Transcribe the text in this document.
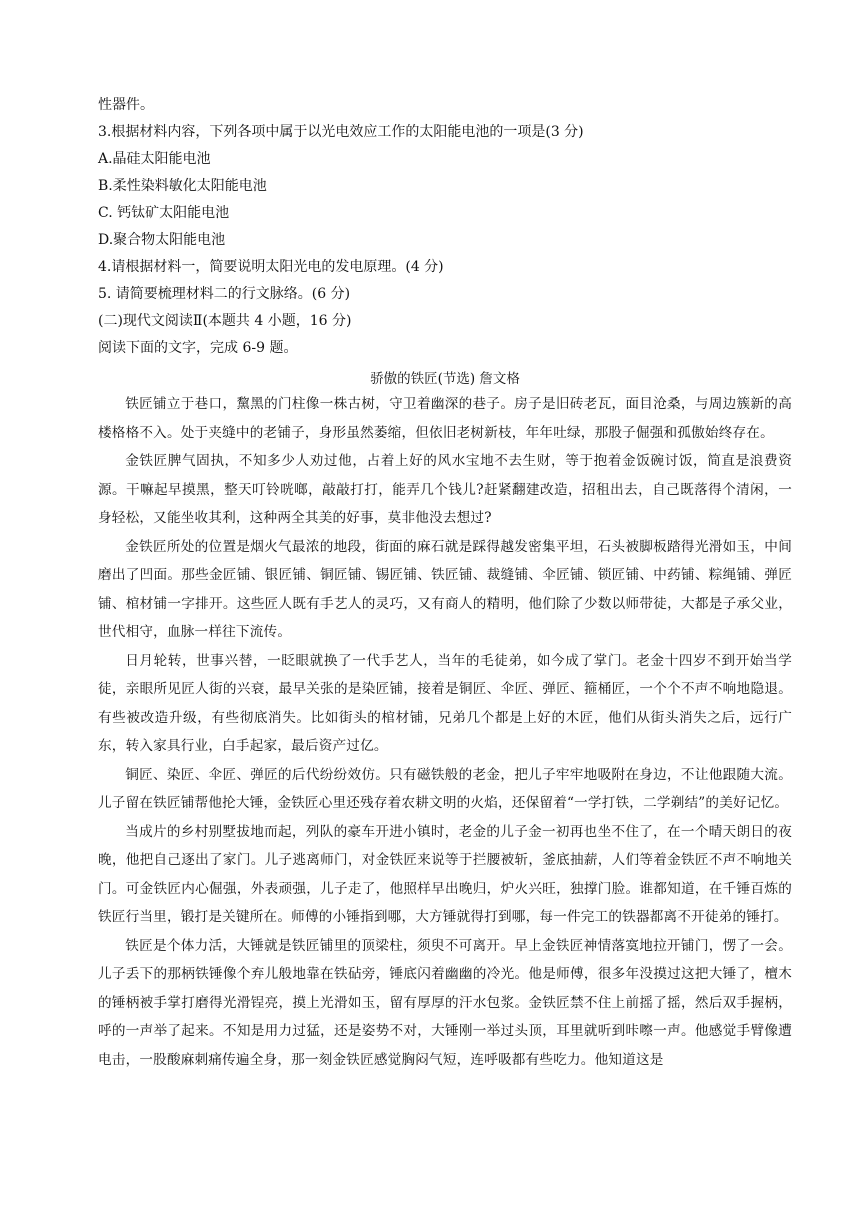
性器件。

3.根据材料内容，下列各项中属于以光电效应工作的太阳能电池的一项是(3 分)

A.晶硅太阳能电池

B.柔性染料敏化太阳能电池

C. 钙钛矿太阳能电池

D.聚合物太阳能电池

4.请根据材料一，简要说明太阳光电的发电原理。(4 分)

5. 请简要梳理材料二的行文脉络。(6 分)

(二)现代文阅读Ⅱ(本题共 4 小题，16 分)

阅读下面的文字，完成 6-9 题。

骄傲的铁匠(节选) 詹文格

铁匠铺立于巷口，黧黑的门柱像一株古树，守卫着幽深的巷子。房子是旧砖老瓦，面目沧桑，与周边簇新的高楼格格不入。处于夹缝中的老铺子，身形虽然萎缩，但依旧老树新枝，年年吐绿，那股子倔强和孤傲始终存在。

金铁匠脾气固执，不知多少人劝过他，占着上好的风水宝地不去生财，等于抱着金饭碗讨饭，简直是浪费资源。干嘛起早摸黑，整天叮铃咣啷，敲敲打打，能弄几个钱儿?赶紧翻建改造，招租出去，自己既落得个清闲，一身轻松，又能坐收其利，这种两全其美的好事，莫非他没去想过?

金铁匠所处的位置是烟火气最浓的地段，街面的麻石就是踩得越发密集平坦，石头被脚板踏得光滑如玉，中间磨出了凹面。那些金匠铺、银匠铺、铜匠铺、锡匠铺、铁匠铺、裁缝铺、伞匠铺、锁匠铺、中药铺、粽绳铺、弹匠铺、棺材铺一字排开。这些匠人既有手艺人的灵巧，又有商人的精明，他们除了少数以师带徒，大都是子承父业，世代相守，血脉一样往下流传。

日月轮转，世事兴替，一眨眼就换了一代手艺人，当年的毛徒弟，如今成了掌门。老金十四岁不到开始当学徒，亲眼所见匠人街的兴衰，最早关张的是染匠铺，接着是铜匠、伞匠、弹匠、箍桶匠，一个个不声不响地隐退。有些被改造升级，有些彻底消失。比如街头的棺材铺，兄弟几个都是上好的木匠，他们从街头消失之后，远行广东，转入家具行业，白手起家，最后资产过亿。

铜匠、染匠、伞匠、弹匠的后代纷纷效仿。只有磁铁般的老金，把儿子牢牢地吸附在身边，不让他跟随大流。儿子留在铁匠铺帮他抡大锤，金铁匠心里还残存着农耕文明的火焰，还保留着“一学打铁，二学剃结”的美好记忆。

当成片的乡村别墅拔地而起，列队的豪车开进小镇时，老金的儿子金一初再也坐不住了，在一个晴天朗日的夜晚，他把自己逐出了家门。儿子逃离师门，对金铁匠来说等于拦腰被斩，釜底抽薪，人们等着金铁匠不声不响地关门。可金铁匠内心倔强，外表顽强，儿子走了，他照样早出晚归，炉火兴旺，独撑门脸。谁都知道，在千锤百炼的铁匠行当里，锻打是关键所在。师傅的小锤指到哪，大方锤就得打到哪，每一件完工的铁器都离不开徒弟的锤打。

铁匠是个体力活，大锤就是铁匠铺里的顶梁柱，须臾不可离开。早上金铁匠神情落寞地拉开铺门，愣了一会。儿子丢下的那柄铁锤像个弃儿般地靠在铁砧旁，锤底闪着幽幽的冷光。他是师傅，很多年没摸过这把大锤了，檀木的锤柄被手掌打磨得光滑锃亮，摸上光滑如玉，留有厚厚的汗水包浆。金铁匠禁不住上前摇了摇，然后双手握柄，呼的一声举了起来。不知是用力过猛，还是姿势不对，大锤刚一举过头顶，耳里就听到咔嚓一声。他感觉手臂像遭电击，一股酸麻刺痛传遍全身，那一刻金铁匠感觉胸闷气短，连呼吸都有些吃力。他知道这是
